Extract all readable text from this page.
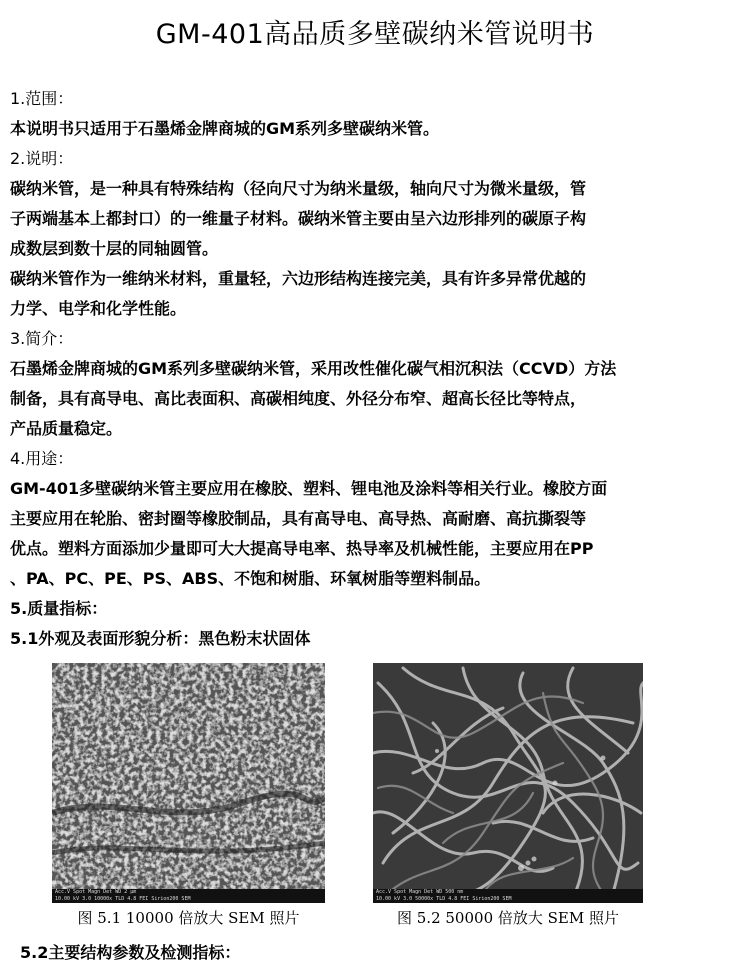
GM-401高品质多壁碳纳米管说明书
1.范围：
本说明书只适用于石墨烯金牌商城的GM系列多壁碳纳米管。
2.说明：
碳纳米管，是一种具有特殊结构（径向尺寸为纳米量级，轴向尺寸为微米量级，管
子两端基本上都封口）的一维量子材料。碳纳米管主要由呈六边形排列的碳原子构
成数层到数十层的同轴圆管。
碳纳米管作为一维纳米材料，重量轻，六边形结构连接完美，具有许多异常优越的
力学、电学和化学性能。
3.简介：
石墨烯金牌商城的GM系列多壁碳纳米管，采用改性催化碳气相沉积法（CCVD）方法
制备，具有高导电、高比表面积、高碳相纯度、外径分布窄、超高长径比等特点，
产品质量稳定。
4.用途：
GM-401多壁碳纳米管主要应用在橡胶、塑料、锂电池及涂料等相关行业。橡胶方面
主要应用在轮胎、密封圈等橡胶制品，具有高导电、高导热、高耐磨、高抗撕裂等
优点。塑料方面添加少量即可大大提高导电率、热导率及机械性能，主要应用在PP
、PA、PC、PE、PS、ABS、不饱和树脂、环氧树脂等塑料制品。
5.质量指标：
5.1外观及表面形貌分析：黑色粉末状固体
Acc.V Spot Magn Det WD 2 μm
10.00 kV 3.0 10000x TLD 4.8 FEI Sirion200 SEM
图 5.1 10000 倍放大 SEM 照片
Acc.V Spot Magn Det WD 500 nm
10.00 kV 3.0 50000x TLD 4.8 FEI Sirion200 SEM
图 5.2 50000 倍放大 SEM 照片
5.2主要结构参数及检测指标：
